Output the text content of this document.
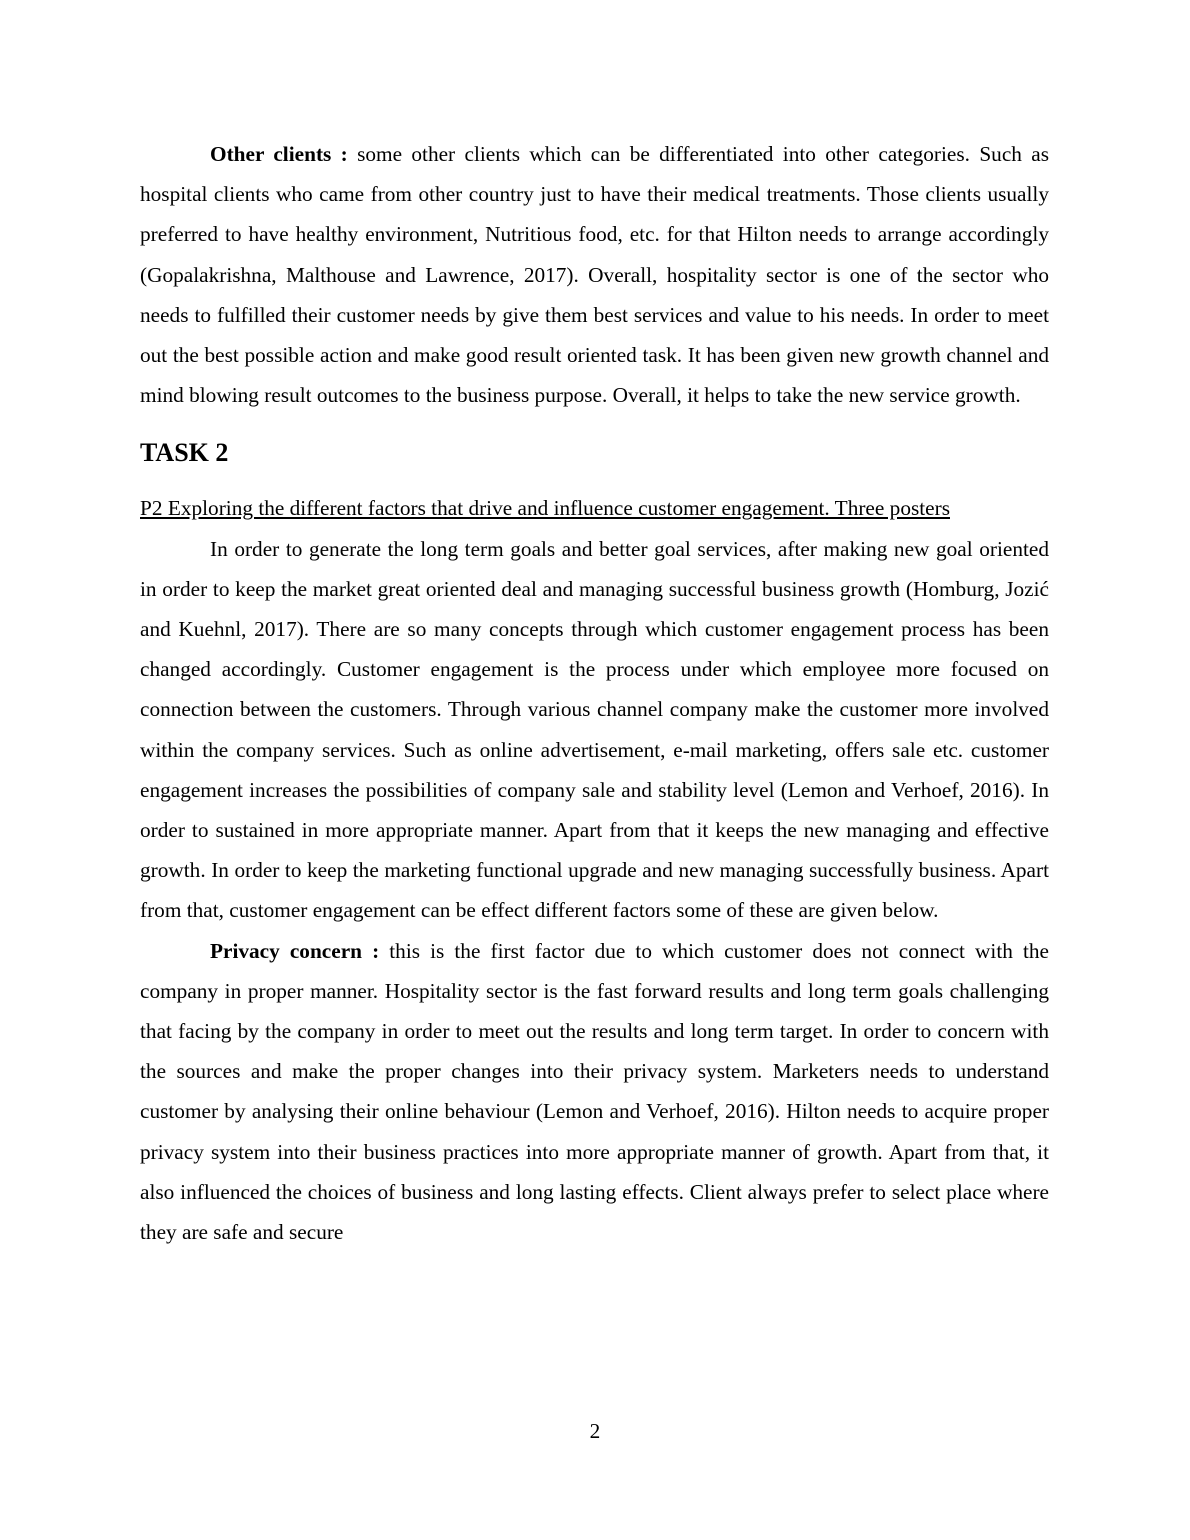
Other clients : some other clients which can be differentiated into other categories. Such as hospital clients who came from other country just to have their medical treatments. Those clients usually preferred to have healthy environment, Nutritious food, etc. for that Hilton needs to arrange accordingly (Gopalakrishna, Malthouse and Lawrence, 2017). Overall, hospitality sector is one of the sector who needs to fulfilled their customer needs by give them best services and value to his needs. In order to meet out the best possible action and make good result oriented task. It has been given new growth channel and mind blowing result outcomes to the business purpose. Overall, it helps to take the new service growth.

TASK 2

P2 Exploring the different factors that drive and influence customer engagement. Three posters

In order to generate the long term goals and better goal services, after making new goal oriented in order to keep the market great oriented deal and managing successful business growth (Homburg, Jozić and Kuehnl, 2017). There are so many concepts through which customer engagement process has been changed accordingly. Customer engagement is the process under which employee more focused on connection between the customers. Through various channel company make the customer more involved within the company services. Such as online advertisement, e-mail marketing, offers sale etc. customer engagement increases the possibilities of company sale and stability level (Lemon and Verhoef, 2016). In order to sustained in more appropriate manner. Apart from that it keeps the new managing and effective growth. In order to keep the marketing functional upgrade and new managing successfully business. Apart from that, customer engagement can be effect different factors some of these are given below.

Privacy concern : this is the first factor due to which customer does not connect with the company in proper manner. Hospitality sector is the fast forward results and long term goals challenging that facing by the company in order to meet out the results and long term target. In order to concern with the sources and make the proper changes into their privacy system. Marketers needs to understand customer by analysing their online behaviour (Lemon and Verhoef, 2016). Hilton needs to acquire proper privacy system into their business practices into more appropriate manner of growth. Apart from that, it also influenced the choices of business and long lasting effects. Client always prefer to select place where they are safe and secure

2
